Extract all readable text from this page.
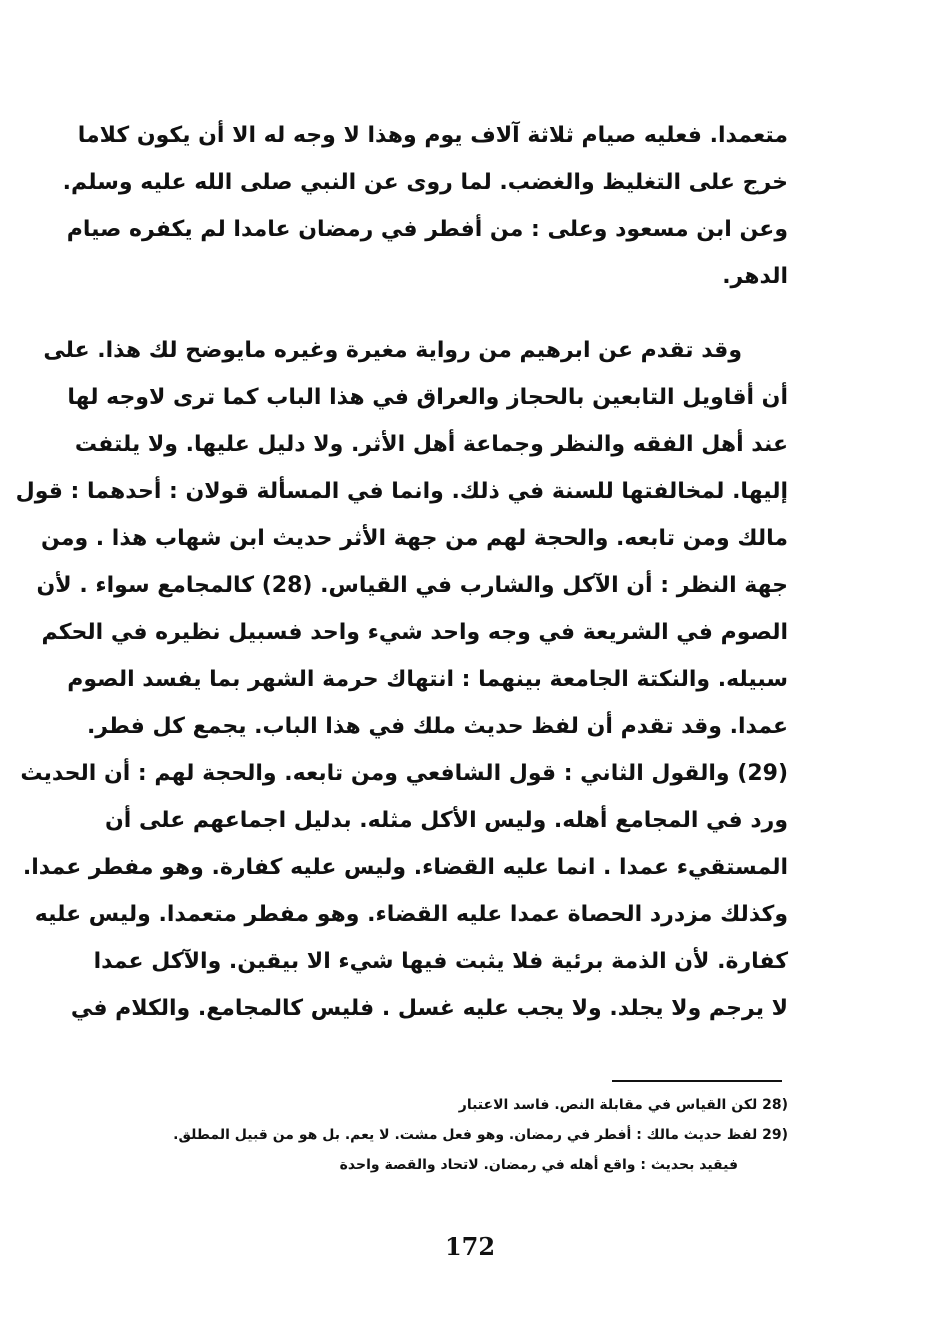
متعمدا. فعليه صيام ثلاثة آلاف يوم وهذا لا وجه له الا أن يكون كلاما
خرج على التغليظ والغضب. لما روى عن النبي صلى الله عليه وسلم.
وعن ابن مسعود وعلى : من أفطر في رمضان عامدا لم يكفره صيام
الدهر.
وقد تقدم عن ابرهيم من رواية مغيرة وغيره مايوضح لك هذا. على
أن أقاويل التابعين بالحجاز والعراق في هذا الباب كما ترى لاوجه لها
عند أهل الفقه والنظر وجماعة أهل الأثر. ولا دليل عليها. ولا يلتفت
إليها. لمخالفتها للسنة في ذلك. وانما في المسألة قولان : أحدهما : قول
مالك ومن تابعه. والحجة لهم من جهة الأثر حديث ابن شهاب هذا . ومن
جهة النظر : أن الآكل والشارب في القياس. (28) كالمجامع سواء . لأن
الصوم في الشريعة في وجه واحد شيء واحد فسبيل نظيره في الحكم
سبيله. والنكتة الجامعة بينهما : انتهاك حرمة الشهر بما يفسد الصوم
عمدا. وقد تقدم أن لفظ حديث ملك في هذا الباب. يجمع كل فطر.
(29) والقول الثاني : قول الشافعي ومن تابعه. والحجة لهم : أن الحديث
ورد في المجامع أهله. وليس الأكل مثله. بدليل اجماعهم على أن
المستقيء عمدا . انما عليه القضاء. وليس عليه كفارة. وهو مفطر عمدا.
وكذلك مزدرد الحصاة عمدا عليه القضاء. وهو مفطر متعمدا. وليس عليه
كفارة. لأن الذمة برئية فلا يثبت فيها شيء الا بيقين. والآكل عمدا
لا يرجم ولا يجلد. ولا يجب عليه غسل . فليس كالمجامع. والكلام في
(28 لكن القياس في مقابلة النص. فاسد الاعتبار
(29 لفظ حديث مالك : أفطر في رمضان. وهو فعل مشت. لا يعم. بل هو من قبيل المطلق.
فيقيد بحديث : واقع أهله في رمضان. لاتحاد والقصة واحدة
172
